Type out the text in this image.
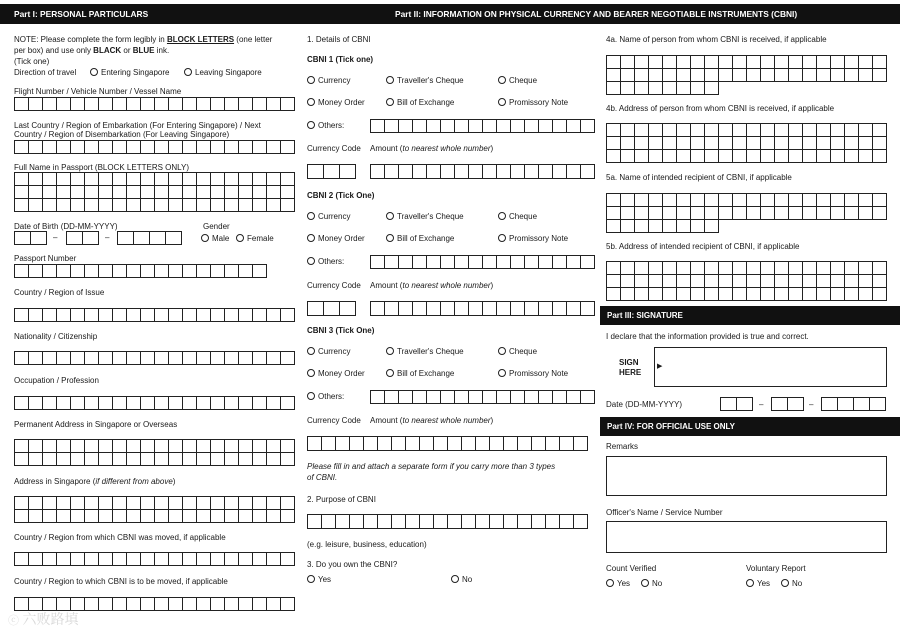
Part I: PERSONAL PARTICULARS	Part II: INFORMATION ON PHYSICAL CURRENCY AND BEARER NEGOTIABLE INSTRUMENTS (CBNI)
NOTE: Please complete the form legibly in BLOCK LETTERS (one letter
per box) and use only BLACK or BLUE ink.
(Tick one)
Direction of travel	Entering Singapore	Leaving Singapore
Flight Number / Vehicle Number / Vessel Name
Last Country / Region of Embarkation (For Entering Singapore) / Next
Country / Region of Disembarkation (For Leaving Singapore)
Full Name in Passport (BLOCK LETTERS ONLY)
Date of Birth (DD-MM-YYYY)	Gender
–	–	Male	Female
Passport Number
Country / Region of Issue
Nationality / Citizenship
Occupation / Profession
Permanent Address in Singapore or Overseas
Address in Singapore (if different from above)
Country / Region from which CBNI was moved, if applicable
Country / Region to which CBNI is to be moved, if applicable
1. Details of CBNI
CBNI 1 (Tick one)
Currency	Traveller's Cheque	Cheque
Money Order	Bill of Exchange	Promissory Note
Others:
Currency Code Amount (to nearest whole number)
CBNI 2 (Tick One)
Currency	Traveller's Cheque	Cheque
Money Order	Bill of Exchange	Promissory Note
Others:
Currency Code Amount (to nearest whole number)
CBNI 3 (Tick One)
Currency	Traveller's Cheque	Cheque
Money Order	Bill of Exchange	Promissory Note
Others:
Currency Code Amount (to nearest whole number)
Please fill in and attach a separate form if you carry more than 3 types
of CBNI.
2. Purpose of CBNI
(e.g. leisure, business, education)
3. Do you own the CBNI?
Yes	No
4a. Name of person from whom CBNI is received, if applicable
4b. Address of person from whom CBNI is received, if applicable
5a. Name of intended recipient of CBNI, if applicable
5b. Address of intended recipient of CBNI, if applicable
Part III: SIGNATURE
I declare that the information provided is true and correct.
SIGN
HERE
▶
Date (DD-MM-YYYY)	–	–
Part IV: FOR OFFICIAL USE ONLY
Remarks
Officer's Name / Service Number
Count Verified	Voluntary Report
Yes	No	Yes	No
ⓒ 六败路填
